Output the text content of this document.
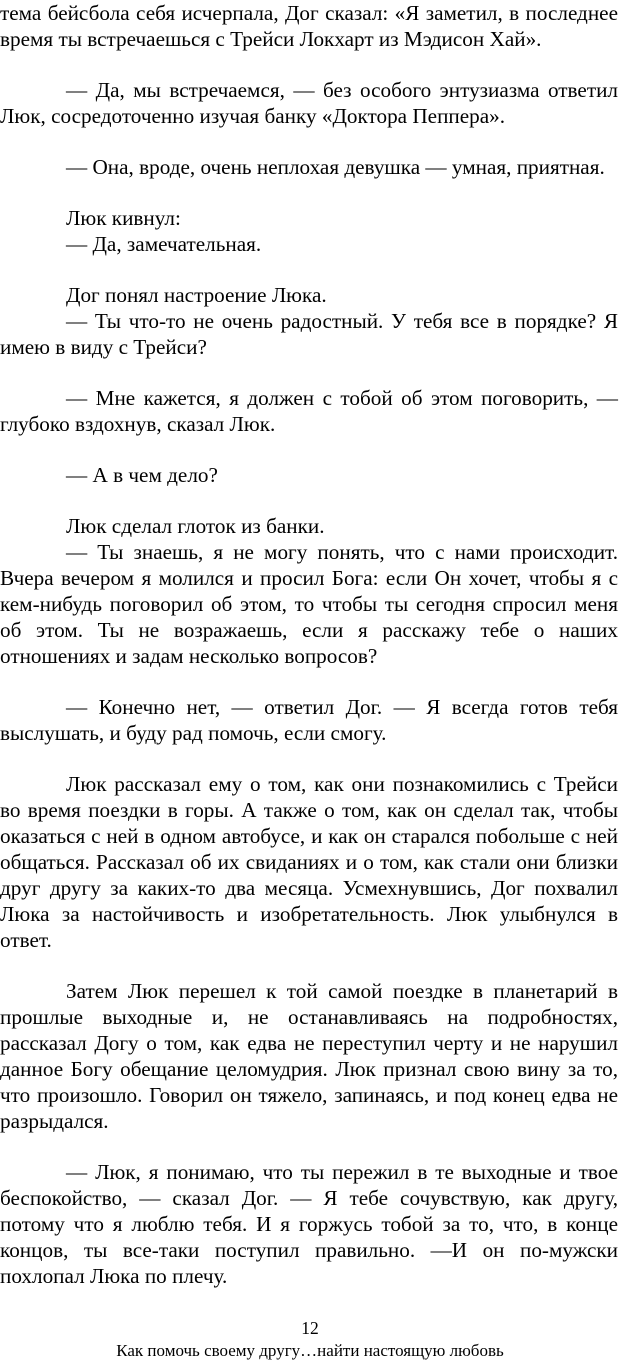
тема бейсбола себя исчерпала, Дог сказал: «Я заметил, в последнее время ты встречаешься с Трейси Локхарт из Мэдисон Хай».

— Да, мы встречаемся, — без особого энтузиазма ответил Люк, сосредоточенно изучая банку «Доктора Пеппера».

— Она, вроде, очень неплохая девушка — умная, приятная.

Люк кивнул:

— Да, замечательная.

Дог понял настроение Люка.

— Ты что-то не очень радостный. У тебя все в порядке? Я имею в виду с Трейси?

— Мне кажется, я должен с тобой об этом поговорить, — глубоко вздохнув, сказал Люк.

— А в чем дело?

Люк сделал глоток из банки.

— Ты знаешь, я не могу понять, что с нами происходит. Вчера вечером я молился и просил Бога: если Он хочет, чтобы я с кем-нибудь поговорил об этом, то чтобы ты сегодня спросил меня об этом. Ты не возражаешь, если я расскажу тебе о наших отношениях и задам несколько вопросов?

— Конечно нет, — ответил Дог. — Я всегда готов тебя выслушать, и буду рад помочь, если смогу.

Люк рассказал ему о том, как они познакомились с Трейси во время поездки в горы. А также о том, как он сделал так, чтобы оказаться с ней в одном автобусе, и как он старался побольше с ней общаться. Рассказал об их свиданиях и о том, как стали они близки друг другу за каких-то два месяца. Усмехнувшись, Дог похвалил Люка за настойчивость и изобретательность. Люк улыбнулся в ответ.

Затем Люк перешел к той самой поездке в планетарий в прошлые выходные и, не останавливаясь на подробностях, рассказал Догу о том, как едва не переступил черту и не нарушил данное Богу обещание целомудрия. Люк признал свою вину за то, что произошло. Говорил он тяжело, запинаясь, и под конец едва не разрыдался.

— Люк, я понимаю, что ты пережил в те выходные и твое беспокойство, — сказал Дог. — Я тебе сочувствую, как другу, потому что я люблю тебя. И я горжусь тобой за то, что, в конце концов, ты все-таки поступил правильно. —И он по-мужски похлопал Люка по плечу.

12
Как помочь своему другу…найти настоящую любовь
